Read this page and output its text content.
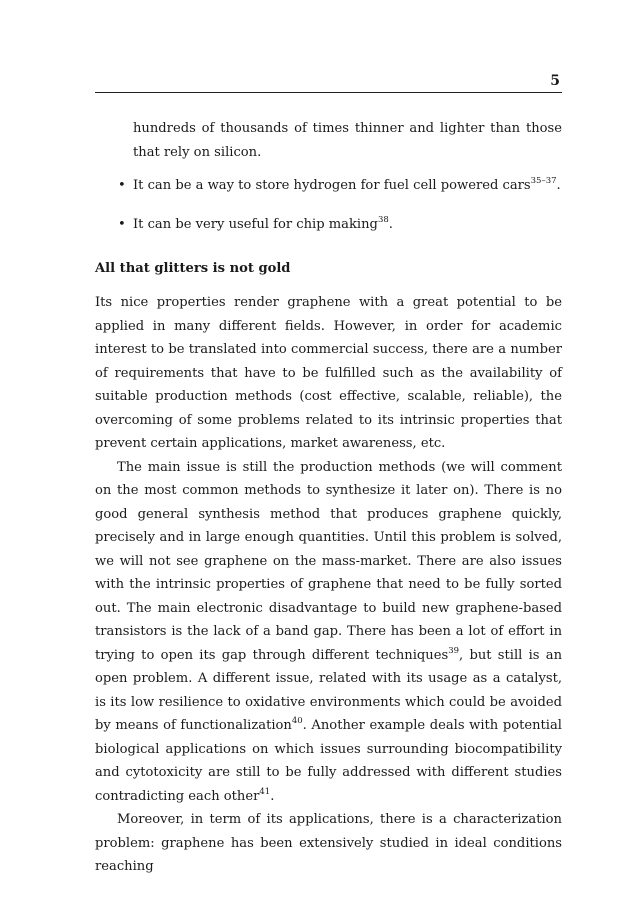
5
hundreds of thousands of times thinner and lighter than those that rely on silicon.
• It can be a way to store hydrogen for fuel cell powered cars$^{35-37}$.
• It can be very useful for chip making$^{38}$.
All that glitters is not gold

Its nice properties render graphene with a great potential to be applied in many different fields. However, in order for academic interest to be translated into commercial success, there are a number of requirements that have to be fulfilled such as the availability of suitable production methods (cost effective, scalable, reliable), the overcoming of some problems related to its intrinsic properties that prevent certain applications, market awareness, etc.

The main issue is still the production methods (we will comment on the most common methods to synthesize it later on). There is no good general synthesis method that produces graphene quickly, precisely and in large enough quantities. Until this problem is solved, we will not see graphene on the mass-market. There are also issues with the intrinsic properties of graphene that need to be fully sorted out. The main electronic disadvantage to build new graphene-based transistors is the lack of a band gap. There has been a lot of effort in trying to open its gap through different techniques$^{39}$, but still is an open problem. A different issue, related with its usage as a catalyst, is its low resilience to oxidative environments which could be avoided by means of functionalization$^{40}$. Another example deals with potential biological applications on which issues surrounding biocompatibility and cytotoxicity are still to be fully addressed with different studies contradicting each other$^{41}$.

Moreover, in term of its applications, there is a characterization problem: graphene has been extensively studied in ideal conditions reaching
